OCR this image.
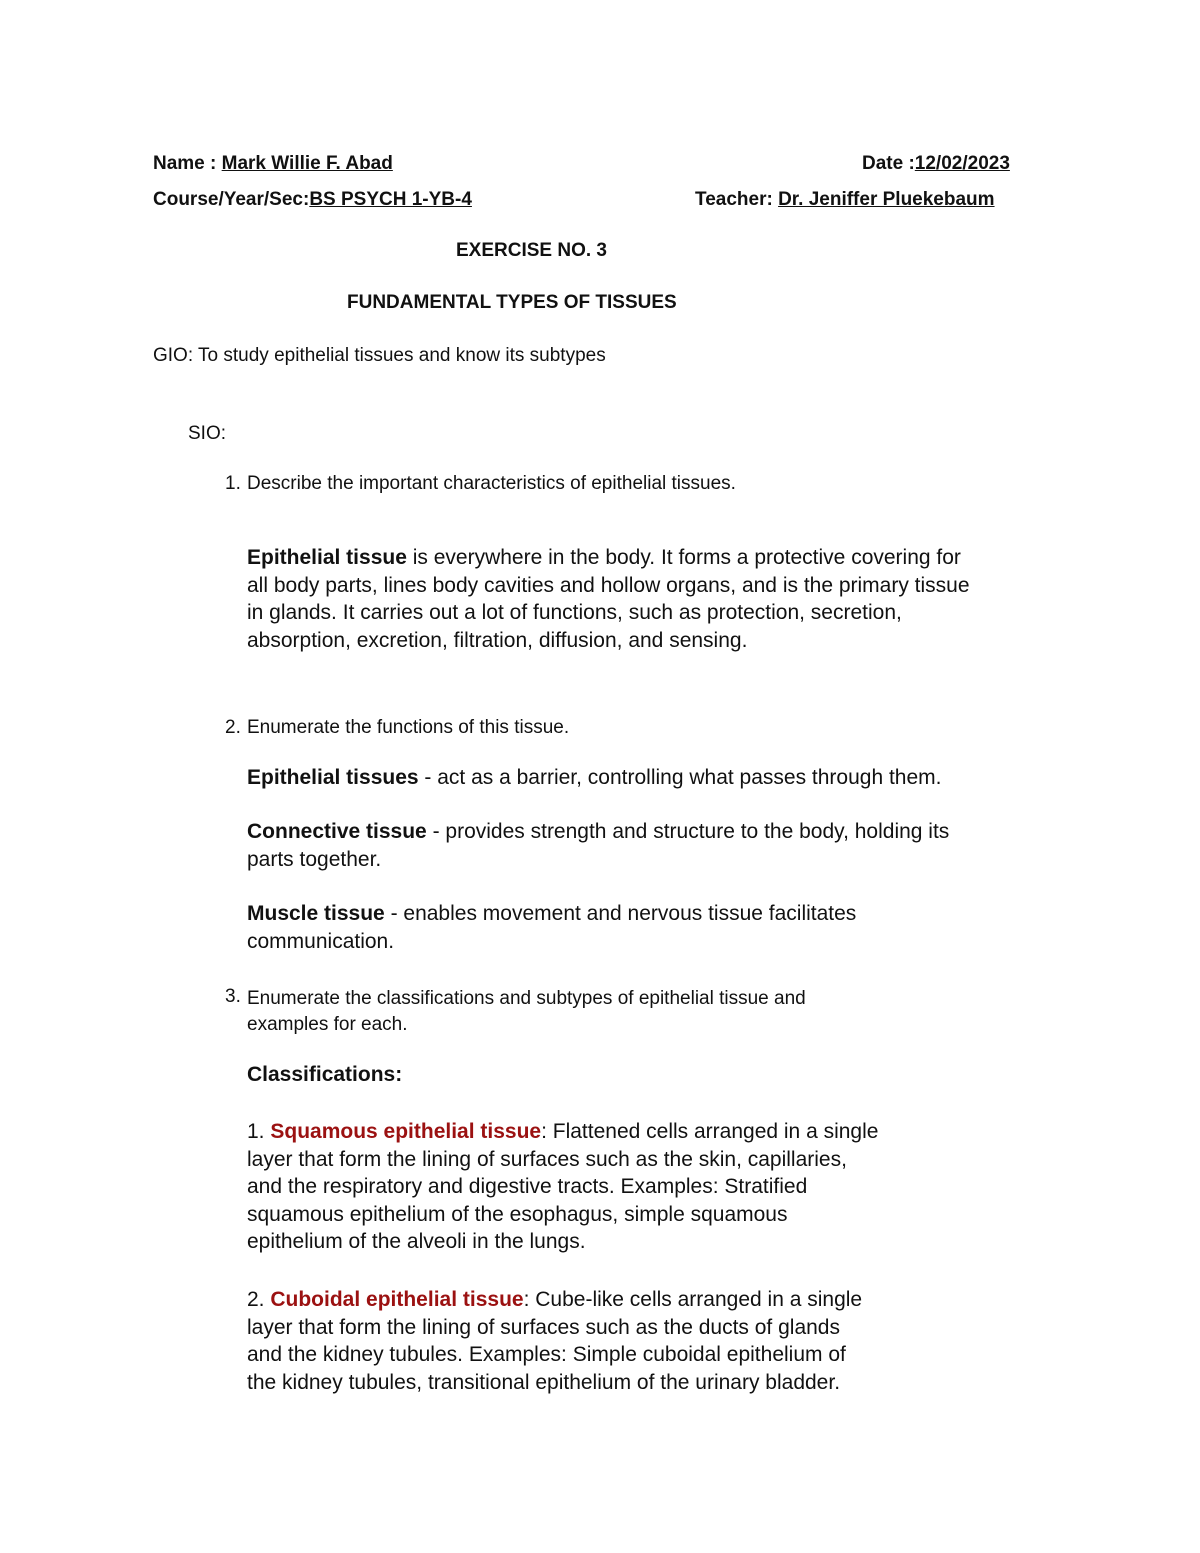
Name : Mark Willie F. Abad	Date :12/02/2023
Course/Year/Sec:BS PSYCH 1-YB-4	Teacher: Dr. Jeniffer Pluekebaum
EXERCISE NO. 3
FUNDAMENTAL TYPES OF TISSUES
GIO: To study epithelial tissues and know its subtypes
SIO:
1. Describe the important characteristics of epithelial tissues.
Epithelial tissue is everywhere in the body. It forms a protective covering for
all body parts, lines body cavities and hollow organs, and is the primary tissue
in glands. It carries out a lot of functions, such as protection, secretion,
absorption, excretion, filtration, diffusion, and sensing.
2. Enumerate the functions of this tissue.
Epithelial tissues - act as a barrier, controlling what passes through them.
Connective tissue - provides strength and structure to the body, holding its
parts together.
Muscle tissue - enables movement and nervous tissue facilitates
communication.
3. Enumerate the classifications and subtypes of epithelial tissue and
examples for each.
Classifications:
1. Squamous epithelial tissue: Flattened cells arranged in a single
layer that form the lining of surfaces such as the skin, capillaries,
and the respiratory and digestive tracts. Examples: Stratified
squamous epithelium of the esophagus, simple squamous
epithelium of the alveoli in the lungs.
2. Cuboidal epithelial tissue: Cube-like cells arranged in a single
layer that form the lining of surfaces such as the ducts of glands
and the kidney tubules. Examples: Simple cuboidal epithelium of
the kidney tubules, transitional epithelium of the urinary bladder.
